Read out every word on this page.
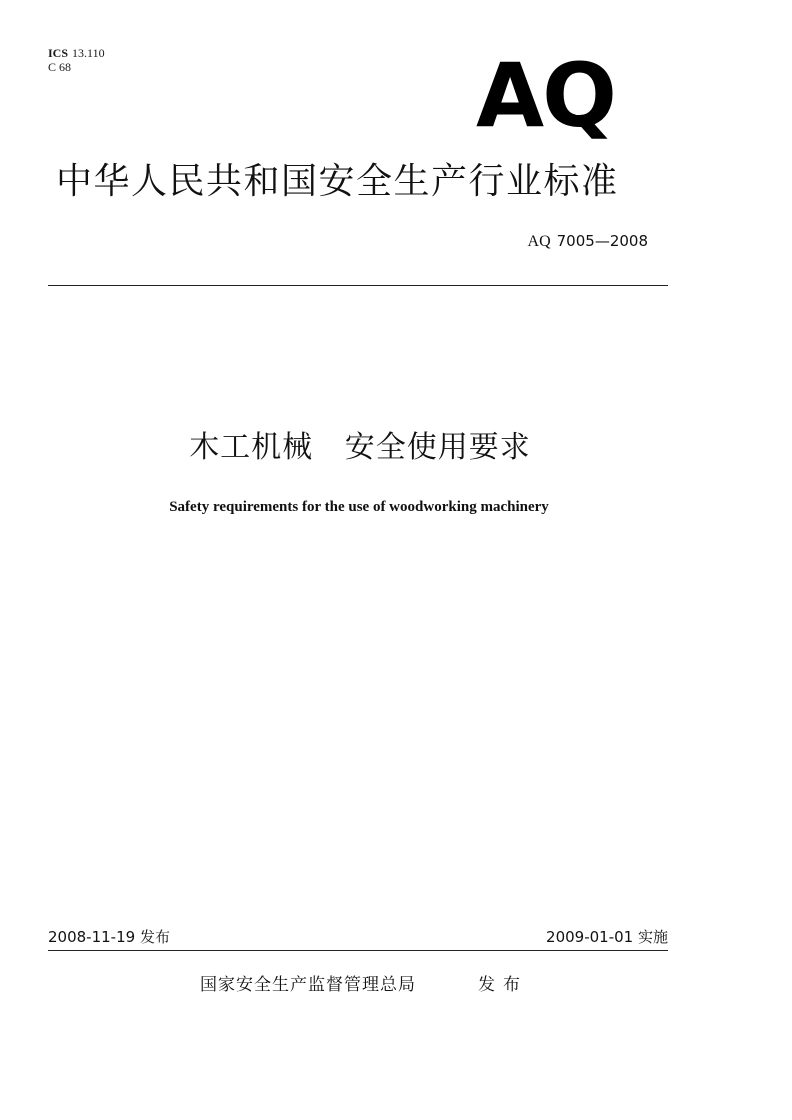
ICS 13.110
C 68	AQ
中华人民共和国安全生产行业标准
AQ 7005—2008
木工机械   安全使用要求
Safety requirements for the use of woodworking machinery
2008-11-19 发布	2009-01-01 实施
国家安全生产监督管理总局	发布
